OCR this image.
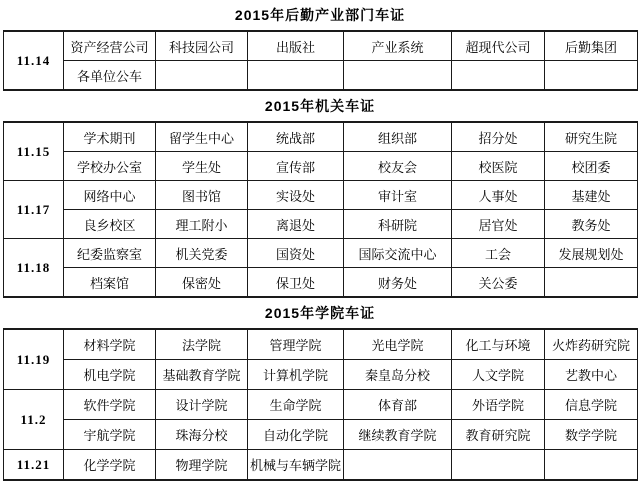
2015年后勤产业部门车证
11.14	资产经营公司	科技园公司	出版社	产业系统	超现代公司	后勤集团
	各单位公车					
2015年机关车证
11.15	学术期刊	留学生中心	统战部	组织部	招分处	研究生院
	学校办公室	学生处	宣传部	校友会	校医院	校团委
11.17	网络中心	图书馆	实设处	审计室	人事处	基建处
	良乡校区	理工附小	离退处	科研院	居官处	教务处
11.18	纪委监察室	机关党委	国资处	国际交流中心	工会	发展规划处
	档案馆	保密处	保卫处	财务处	关公委	
2015年学院车证
11.19	材料学院	法学院	管理学院	光电学院	化工与环境	火炸药研究院
	机电学院	基础教育学院	计算机学院	秦皇岛分校	人文学院	艺教中心
11.2	软件学院	设计学院	生命学院	体育部	外语学院	信息学院
	宇航学院	珠海分校	自动化学院	继续教育学院	教育研究院	数学学院
11.21	化学学院	物理学院	机械与车辆学院			
